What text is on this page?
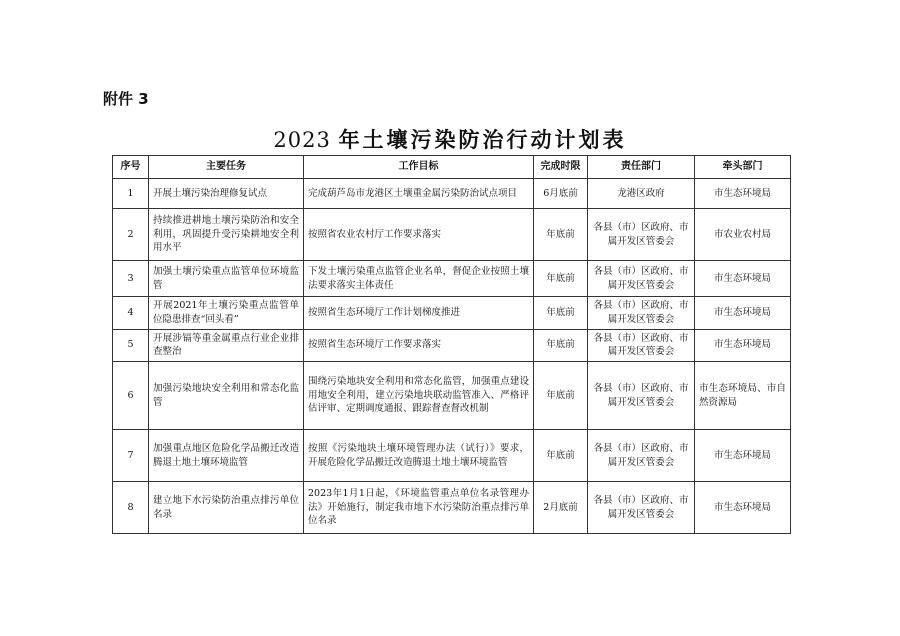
附件 3
2023 年土壤污染防治行动计划表
序号	主要任务	工作目标	完成时限	责任部门	牵头部门
1	开展土壤污染治理修复试点	完成葫芦岛市龙港区土壤重金属污染防治试点项目	6月底前	龙港区政府	市生态环境局
2	持续推进耕地土壤污染防治和安全利用，巩固提升受污染耕地安全利用水平	按照省农业农村厅工作要求落实	年底前	各县（市）区政府、市属开发区管委会	市农业农村局
3	加强土壤污染重点监管单位环境监管	下发土壤污染重点监管企业名单，督促企业按照土壤法要求落实主体责任	年底前	各县（市）区政府、市属开发区管委会	市生态环境局
4	开展2021年土壤污染重点监管单位隐患排查“回头看”	按照省生态环境厅工作计划梯度推进	年底前	各县（市）区政府、市属开发区管委会	市生态环境局
5	开展涉镉等重金属重点行业企业排查整治	按照省生态环境厅工作要求落实	年底前	各县（市）区政府、市属开发区管委会	市生态环境局
6	加强污染地块安全利用和常态化监管	围绕污染地块安全利用和常态化监管，加强重点建设用地安全利用，建立污染地块联动监管准入、严格评估评审、定期调度通报、跟踪督查督改机制	年底前	各县（市）区政府、市属开发区管委会	市生态环境局、市自然资源局
7	加强重点地区危险化学品搬迁改造腾退土地土壤环境监管	按照《污染地块土壤环境管理办法（试行）》要求，开展危险化学品搬迁改造腾退土地土壤环境监管	年底前	各县（市）区政府、市属开发区管委会	市生态环境局
8	建立地下水污染防治重点排污单位名录	2023年1月1日起，《环境监管重点单位名录管理办法》开始施行，制定我市地下水污染防治重点排污单位名录	2月底前	各县（市）区政府、市属开发区管委会	市生态环境局
